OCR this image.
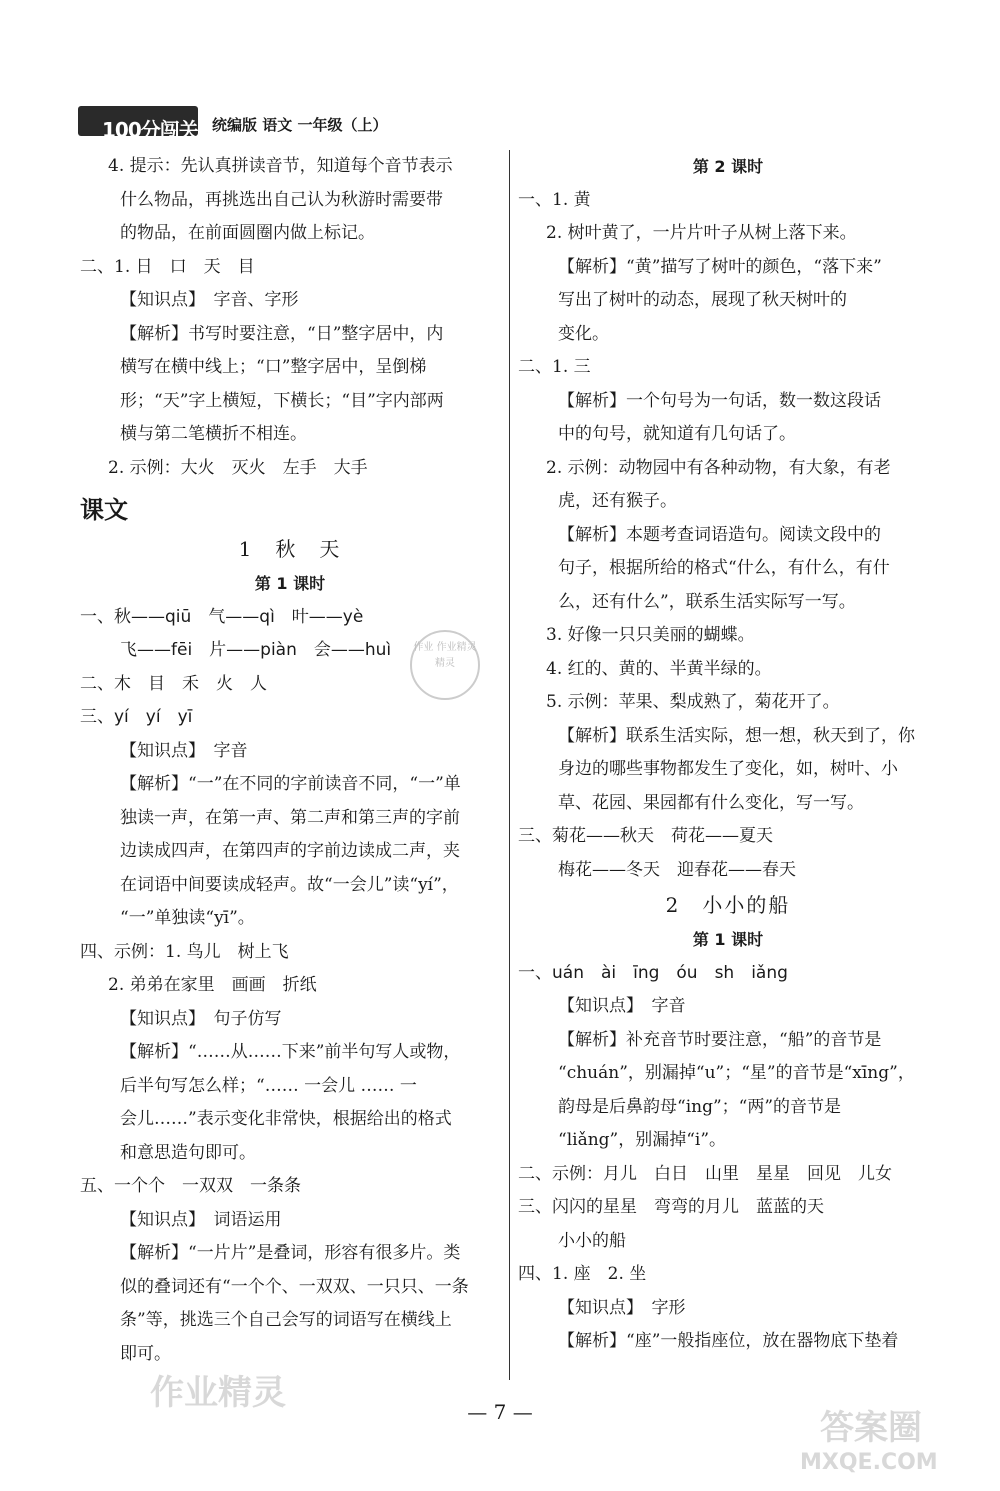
100分闯关 统编版 语文 一年级（上）
4. 提示：先认真拼读音节，知道每个音节表示
什么物品，再挑选出自己认为秋游时需要带
的物品，在前面圆圈内做上标记。
二、1. 日　口　天　目
【知识点】　字音、字形
【解析】书写时要注意，“日”整字居中，内
横写在横中线上；“口”整字居中，呈倒梯
形；“天”字上横短，下横长；“目”字内部两
横与第二笔横折不相连。
2. 示例：大火　灭火　左手　大手
课文
1　秋　天
第 1 课时
一、秋——qiū　气——qì　叶——yè
飞——fēi　片——piàn　会——huì
二、木　目　禾　火　人
三、yí　yí　yī
【知识点】　字音
【解析】“一”在不同的字前读音不同，“一”单
独读一声，在第一声、第二声和第三声的字前
边读成四声，在第四声的字前边读成二声，夹
在词语中间要读成轻声。故“一会儿”读“yí”，
“一”单独读“yī”。
四、示例：1. 鸟儿　树上飞
2. 弟弟在家里　画画　折纸
【知识点】　句子仿写
【解析】“……从……下来”前半句写人或物，
后半句写怎么样；“…… 一会儿 …… 一
会儿……”表示变化非常快，根据给出的格式
和意思造句即可。
五、一个个　一双双　一条条
【知识点】　词语运用
【解析】“一片片”是叠词，形容有很多片。类
似的叠词还有“一个个、一双双、一只只、一条
条”等，挑选三个自己会写的词语写在横线上
即可。
第 2 课时
一、1. 黄
2. 树叶黄了，一片片叶子从树上落下来。
【解析】“黄”描写了树叶的颜色，“落下来”
写出了树叶的动态，展现了秋天树叶的
变化。
二、1. 三
【解析】一个句号为一句话，数一数这段话
中的句号，就知道有几句话了。
2. 示例：动物园中有各种动物，有大象，有老
虎，还有猴子。
【解析】本题考查词语造句。阅读文段中的
句子，根据所给的格式“什么，有什么，有什
么，还有什么”，联系生活实际写一写。
3. 好像一只只美丽的蝴蝶。
4. 红的、黄的、半黄半绿的。
5. 示例：苹果、梨成熟了，菊花开了。
【解析】联系生活实际，想一想，秋天到了，你
身边的哪些事物都发生了变化，如，树叶、小
草、花园、果园都有什么变化，写一写。
三、菊花——秋天　荷花——夏天
梅花——冬天　迎春花——春天
2　小小的船
第 1 课时
一、uán　ài　īng　óu　sh　iǎng
【知识点】　字音
【解析】补充音节时要注意，“船”的音节是
“chuán”，别漏掉“u”；“星”的音节是“xīng”，
韵母是后鼻韵母“ing”；“两”的音节是
“liǎng”，别漏掉“i”。
二、示例：月儿　白日　山里　星星　回见　儿女
三、闪闪的星星　弯弯的月儿　蓝蓝的天
小小的船
四、1. 座　2. 坐
【知识点】　字形
【解析】“座”一般指座位，放在器物底下垫着
作业 作业精灵 精灵
作业精灵
答案圈
MXQE.COM
— 7 —
